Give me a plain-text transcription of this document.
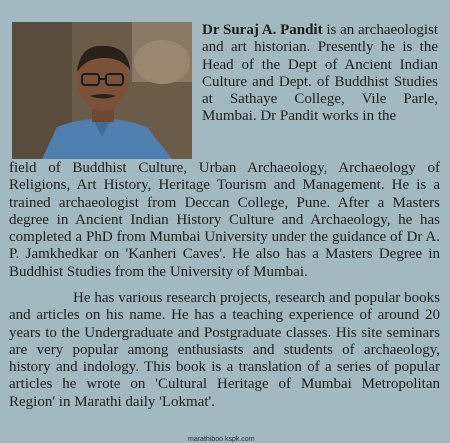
Dr Suraj A. Pandit is an archaeologist and art historian. Presently he is the Head of the Dept of Ancient Indian Culture and Dept. of Buddhist Studies at Sathaye College, Vile Parle, Mumbai. Dr Pandit works in the

field of Buddhist Culture, Urban Archaeology, Archaeology of Religions, Art History, Heritage Tourism and Management. He is a trained archaeologist from Deccan College, Pune. After a Masters degree in Ancient Indian History Culture and Archaeology, he has completed a PhD from Mumbai University under the guidance of Dr A. P. Jamkhedkar on 'Kanheri Caves'. He also has a Masters Degree in Buddhist Studies from the University of Mumbai.

He has various research projects, research and popular books and articles on his name. He has a teaching experience of around 20 years to the Undergraduate and Postgraduate classes. His site seminars are very popular among enthusiasts and students of archaeology, history and indology. This book is a translation of a series of popular articles he wrote on 'Cultural Heritage of Mumbai Metropolitan Region' in Marathi daily 'Lokmat'.

marathiboo kspk.com
